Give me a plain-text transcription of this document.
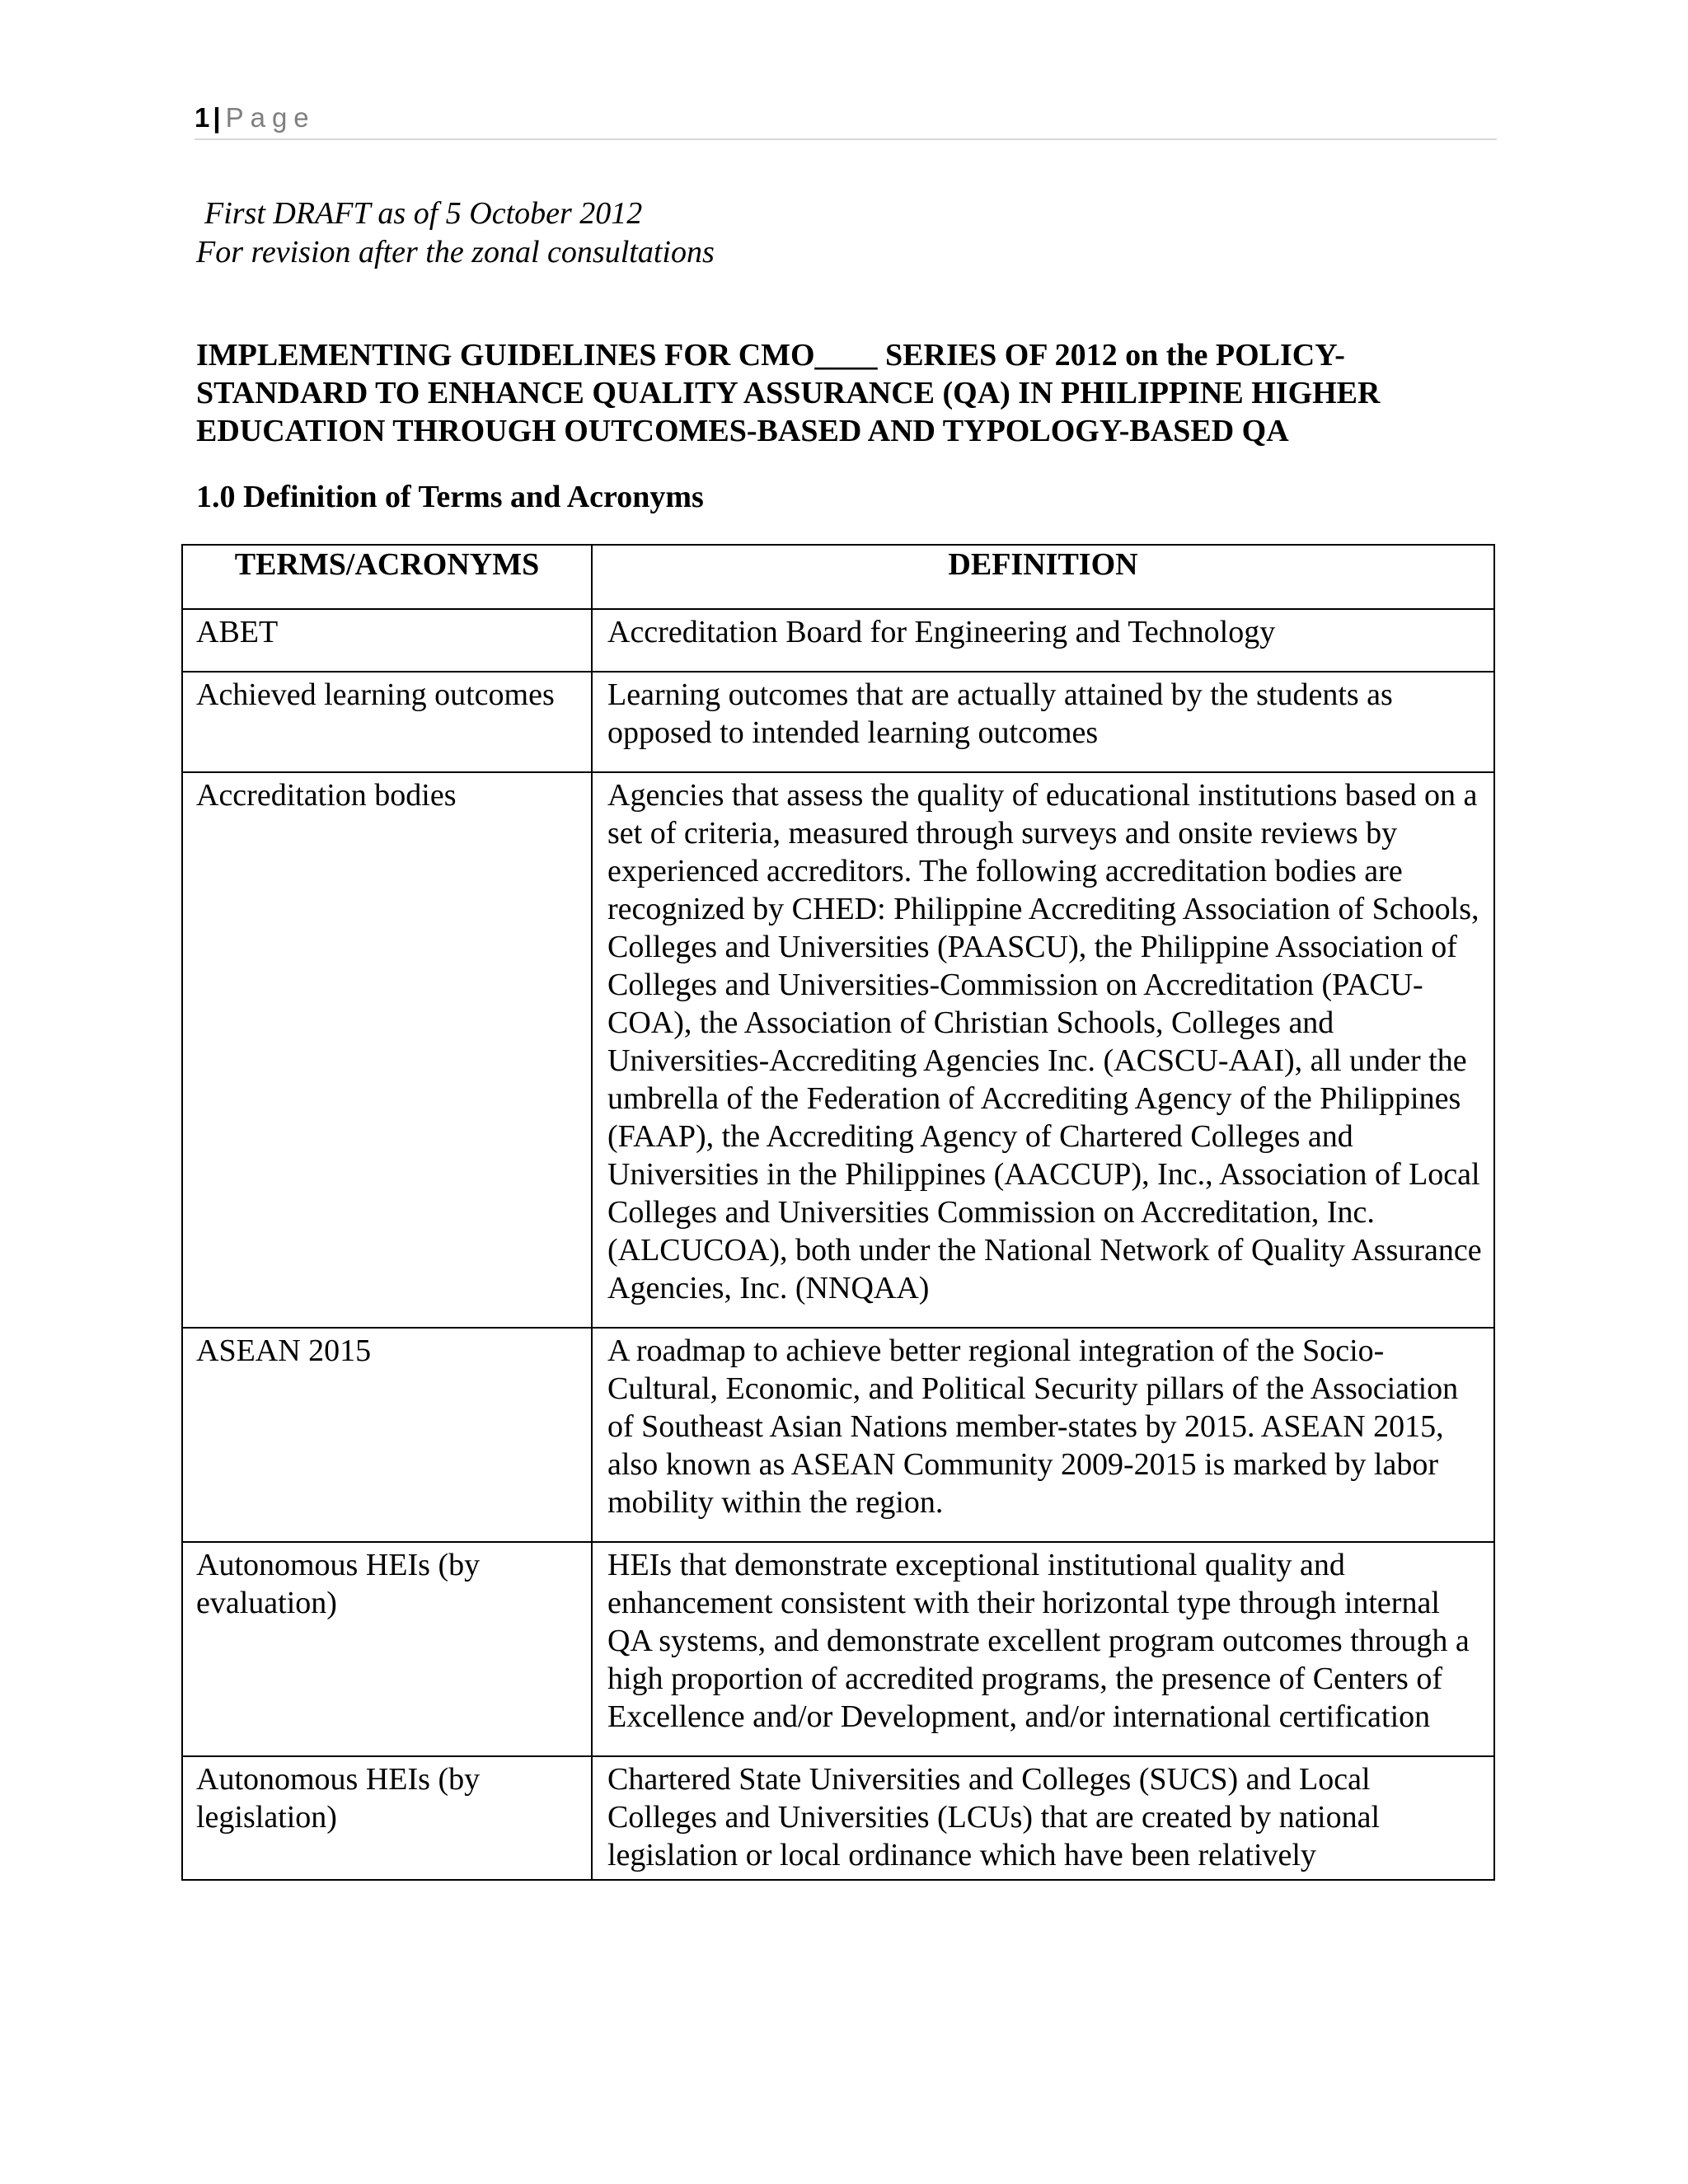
1 | Page
First DRAFT as of 5 October 2012
For revision after the zonal consultations
IMPLEMENTING GUIDELINES FOR CMO____ SERIES OF 2012 on the POLICY-
STANDARD TO ENHANCE QUALITY ASSURANCE (QA) IN PHILIPPINE HIGHER
EDUCATION THROUGH OUTCOMES-BASED AND TYPOLOGY-BASED QA
1.0 Definition of Terms and Acronyms
TERMS/ACRONYMS	DEFINITION
ABET	Accreditation Board for Engineering and Technology
Achieved learning outcomes	Learning outcomes that are actually attained by the students as opposed to intended learning outcomes
Accreditation bodies	Agencies that assess the quality of educational institutions based on a set of criteria, measured through surveys and onsite reviews by experienced accreditors. The following accreditation bodies are recognized by CHED: Philippine Accrediting Association of Schools, Colleges and Universities (PAASCU), the Philippine Association of Colleges and Universities-Commission on Accreditation (PACU-COA), the Association of Christian Schools, Colleges and Universities-Accrediting Agencies Inc. (ACSCU-AAI), all under the umbrella of the Federation of Accrediting Agency of the Philippines (FAAP), the Accrediting Agency of Chartered Colleges and Universities in the Philippines (AACCUP), Inc., Association of Local Colleges and Universities Commission on Accreditation, Inc. (ALCUCOA), both under the National Network of Quality Assurance Agencies, Inc. (NNQAA)
ASEAN 2015	A roadmap to achieve better regional integration of the Socio-Cultural, Economic, and Political Security pillars of the Association of Southeast Asian Nations member-states by 2015. ASEAN 2015, also known as ASEAN Community 2009-2015 is marked by labor mobility within the region.
Autonomous HEIs (by evaluation)	HEIs that demonstrate exceptional institutional quality and enhancement consistent with their horizontal type through internal QA systems, and demonstrate excellent program outcomes through a high proportion of accredited programs, the presence of Centers of Excellence and/or Development, and/or international certification
Autonomous HEIs (by legislation)	Chartered State Universities and Colleges (SUCS) and Local Colleges and Universities (LCUs) that are created by national legislation or local ordinance which have been relatively
